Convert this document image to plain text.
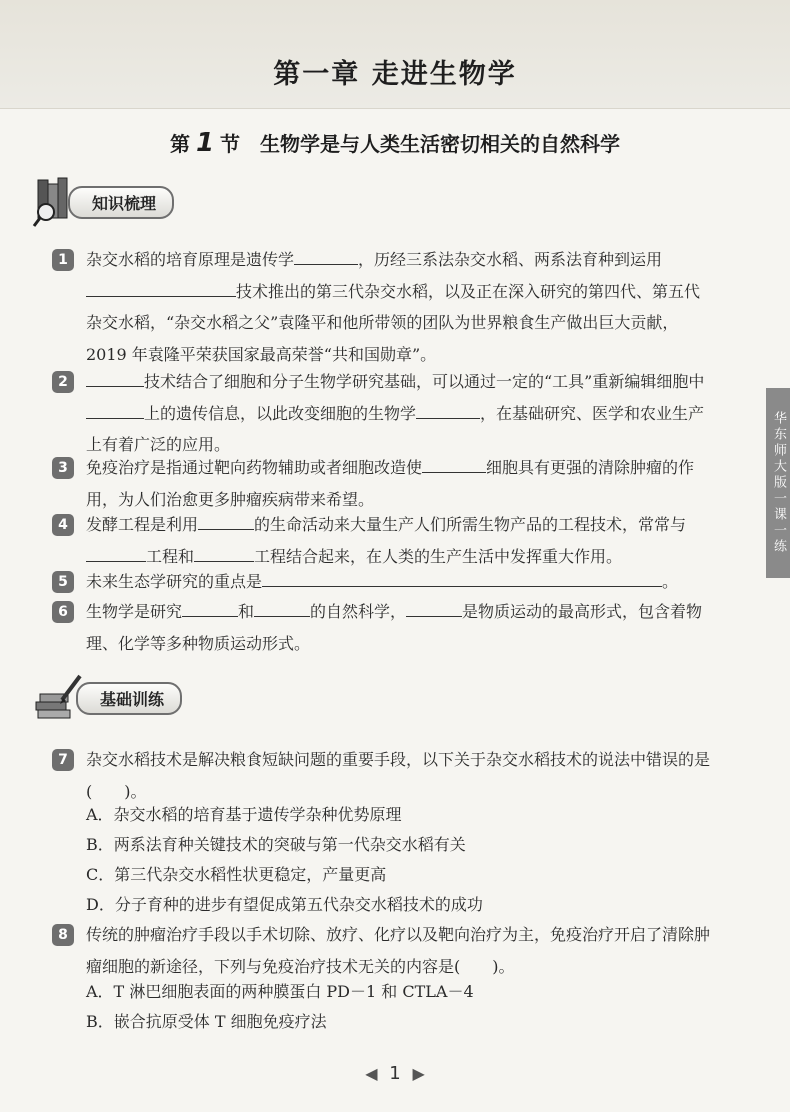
第一章 走进生物学
第 1 节　 生物学是与人类生活密切相关的自然科学
华东师大版一课一练
知识梳理
1	杂交水稻的培育原理是遗传学	，历经三系法杂交水稻、两系法育种到运用
技术推出的第三代杂交水稻，以及正在深入研究的第四代、第五代杂交水稻，“杂交水稻之父”袁隆平和他所带领的团队为世界粮食生产做出巨大贡献，2019 年袁隆平荣获国家最高荣誉“共和国勋章”。
2	技术结合了细胞和分子生物学研究基础，可以通过一定的“工具”重新编辑细胞中上的遗传信息，以此改变细胞的生物学	，在基础研究、医学和农业生产上有着广泛的应用。
3	免疫治疗是指通过靶向药物辅助或者细胞改造使	细胞具有更强的清除肿瘤的作用，为人们治愈更多肿瘤疾病带来希望。
4	发酵工程是利用	的生命活动来大量生产人们所需生物产品的工程技术，常常与工程和	工程结合起来，在人类的生产生活中发挥重大作用。
5	未来生态学研究的重点是	。
6	生物学是研究	和	的自然科学，	是物质运动的最高形式，包含着物理、化学等多种物质运动形式。
基础训练
7	杂交水稻技术是解决粮食短缺问题的重要手段，以下关于杂交水稻技术的说法中错误的是(　　)。
A．杂交水稻的培育基于遗传学杂种优势原理
B．两系法育种关键技术的突破与第一代杂交水稻有关
C．第三代杂交水稻性状更稳定，产量更高
D．分子育种的进步有望促成第五代杂交水稻技术的成功
8	传统的肿瘤治疗手段以手术切除、放疗、化疗以及靶向治疗为主，免疫治疗开启了清除肿瘤细胞的新途径，下列与免疫治疗技术无关的内容是(　　)。
A．T 淋巴细胞表面的两种膜蛋白 PD－1 和 CTLA－4
B．嵌合抗原受体 T 细胞免疫疗法
◀ 1 ▶
